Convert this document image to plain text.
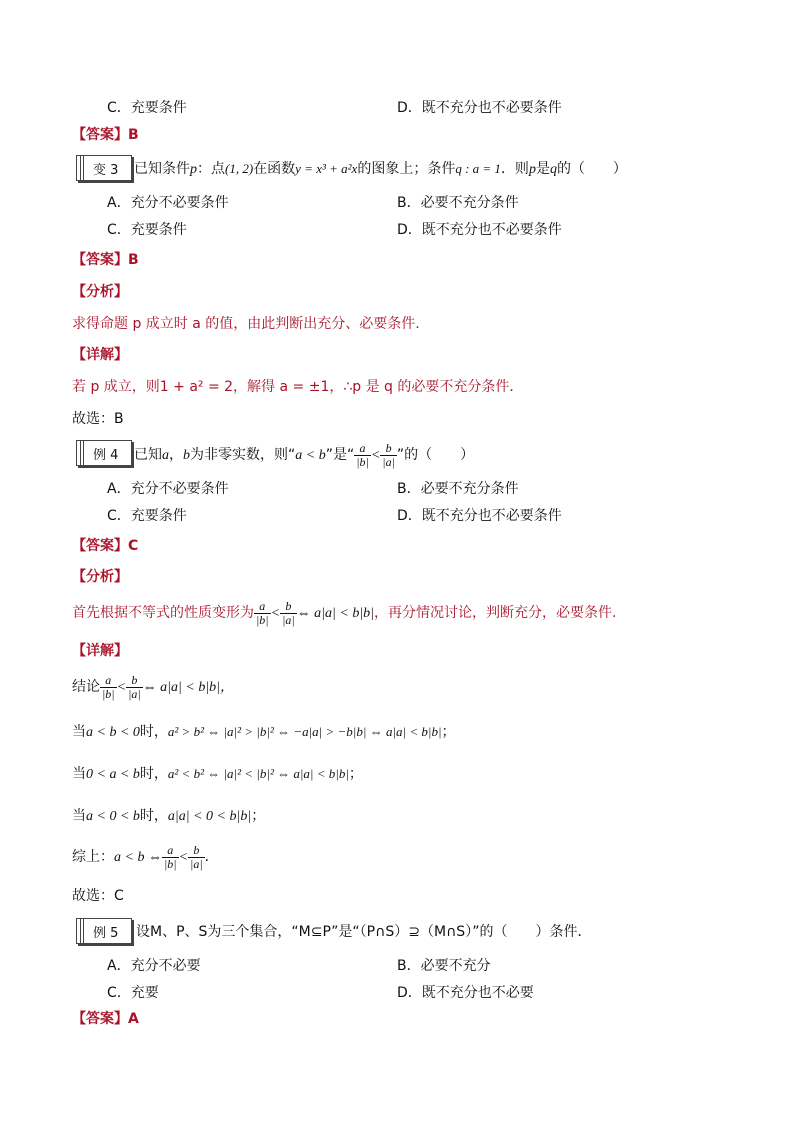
C．充要条件	D．既不充分也不必要条件
【答案】B
变 3 已知条件p：点(1, 2)在函数y = x³ + a²x的图象上；条件q : a = 1．则p是q的（　　）
A．充分不必要条件	B．必要不充分条件
C．充要条件	D．既不充分也不必要条件
【答案】B
【分析】
求得命题 p 成立时 a 的值，由此判断出充分、必要条件.
【详解】
若 p 成立，则1 + a² = 2，解得 a = ±1，∴p 是 q 的必要不充分条件．
故选：B
例 4 已知a，b为非零实数，则“a < b”是“ $\frac{a}{|b|} < \frac{b}{|a|}$ ”的（　　）
A．充分不必要条件	B．必要不充分条件
C．充要条件	D．既不充分也不必要条件
【答案】C
【分析】
首先根据不等式的性质变形为 $\frac{a}{|b|} < \frac{b}{|a|}$ ⇔ a|a| < b|b|，再分情况讨论，判断充分，必要条件.
【详解】
结论 $\frac{a}{|b|} < \frac{b}{|a|}$ ⇔ a|a| < b|b|，
当a < b < 0时，a² > b² ⇔ |a|² > |b|² ⇔ −a|a| > −b|b| ⇔ a|a| < b|b|；
当0 < a < b时，a² < b² ⇔ |a|² < |b|² ⇔ a|a| < b|b|；
当a < 0 < b时，a|a| < 0 < b|b|；
综上：a < b ⇔ $\frac{a}{|b|} < \frac{b}{|a|}$ ．
故选：C
例 5 设M、P、S为三个集合，“M⊆P”是“（P∩S）⊇（M∩S）”的（　　）条件．
A．充分不必要	B．必要不充分
C．充要	D．既不充分也不必要
【答案】A
